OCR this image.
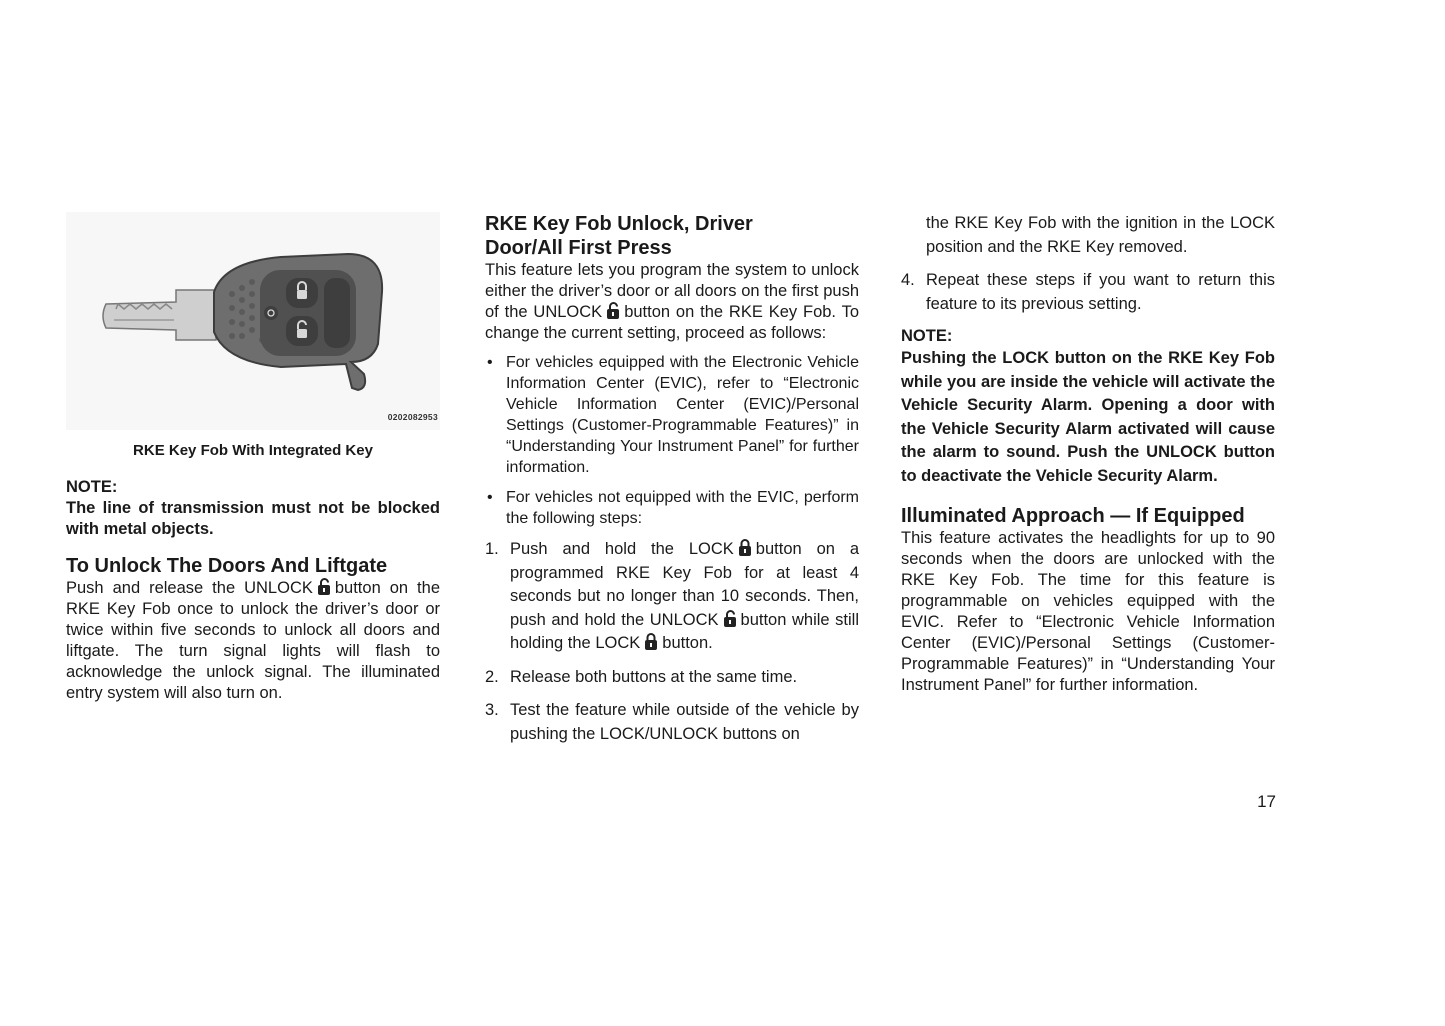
0202082953

RKE Key Fob With Integrated Key

NOTE:

The line of transmission must not be blocked with metal objects.

To Unlock The Doors And Liftgate

Push and release the UNLOCK button on the RKE Key Fob once to unlock the driver’s door or twice within five seconds to unlock all doors and liftgate. The turn signal lights will flash to acknowledge the unlock signal. The illuminated entry system will also turn on.

RKE Key Fob Unlock, Driver
Door/All First Press

This feature lets you program the system to unlock either the driver’s door or all doors on the first push of the UNLOCK button on the RKE Key Fob. To change the current setting, proceed as follows:

• For vehicles equipped with the Electronic Vehicle Information Center (EVIC), refer to “Electronic Vehicle Information Center (EVIC)/Personal Settings (Customer-Programmable Features)” in “Understanding Your Instrument Panel” for further information.
• For vehicles not equipped with the EVIC, perform the following steps:
1. Push and hold the LOCK button on a programmed RKE Key Fob for at least 4 seconds but no longer than 10 seconds. Then, push and hold the UNLOCK button while still holding the LOCK button.
2. Release both buttons at the same time.
3. Test the feature while outside of the vehicle by pushing the LOCK/UNLOCK buttons on
the RKE Key Fob with the ignition in the LOCK position and the RKE Key removed.
4. Repeat these steps if you want to return this feature to its previous setting.

NOTE:

Pushing the LOCK button on the RKE Key Fob while you are inside the vehicle will activate the Vehicle Security Alarm. Opening a door with the Vehicle Security Alarm activated will cause the alarm to sound. Push the UNLOCK button to deactivate the Vehicle Security Alarm.

Illuminated Approach — If Equipped

This feature activates the headlights for up to 90 seconds when the doors are unlocked with the RKE Key Fob. The time for this feature is programmable on vehicles equipped with the EVIC. Refer to “Electronic Vehicle Information Center (EVIC)/Personal Settings (Customer-Programmable Features)” in “Understanding Your Instrument Panel” for further information.

17
